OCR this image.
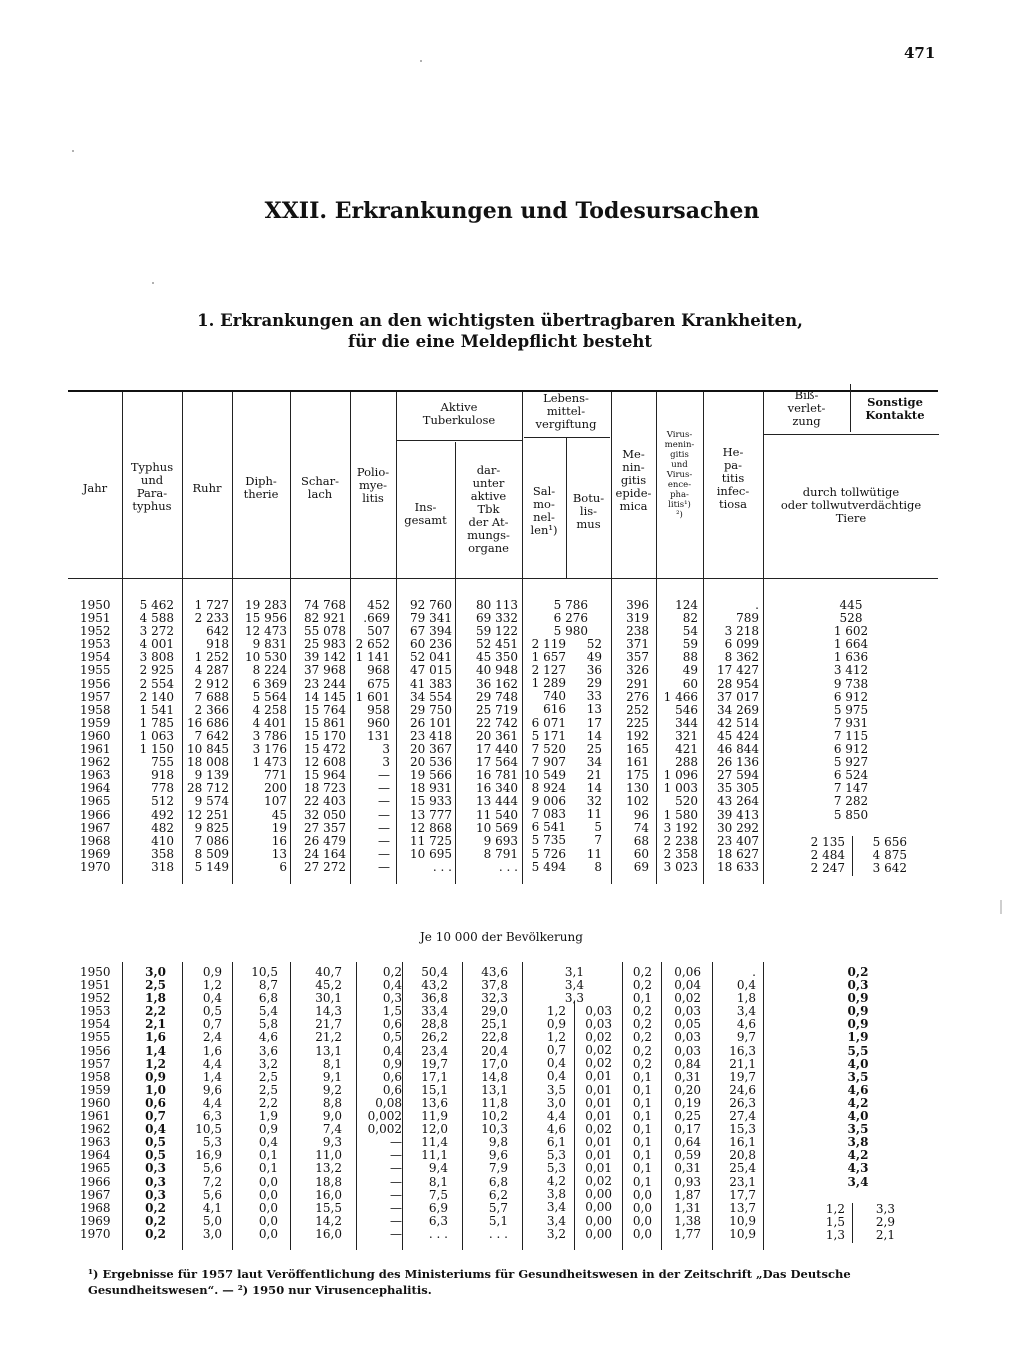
471
XXII. Erkrankungen und Todesursachen
1. Erkrankungen an den wichtigsten übertragbaren Krankheiten,
für die eine Meldepflicht besteht
Jahr
Typhus
und
Para-
typhus
Ruhr	Diph-
therie
Schar-
lach
Polio-
mye-
litis
Aktive
Tuberkulose
Ins-
gesamt
dar-
unter
aktive
Tbk
der At-
mungs-
organe
Lebens-
mittel-
vergiftung
Sal-
mo-
nel-
len¹)
Botu-
lis-
mus
Me-
nin-
gitis
epide-
mica
Virus-
menin-
gitis
und
Virus-
ence-
pha-
litis¹)
²)
He-
pa-
titis
infec-
tiosa
Biß-
verlet-
zung
Sonstige
Kontakte
durch tollwütige
oder tollwutverdächtige
Tiere
1950
1951
1952
1953
1954
1955
1956
1957
1958
1959
1960
1961
1962
1963
1964
1965
1966
1967
1968
1969
1970
5 462
4 588
3 272
4 001
3 808
2 925
2 554
2 140
1 541
1 785
1 063
1 150
755
918
778
512
492
482
410
358
318
1 727
2 233
642
918
1 252
4 287
2 912
7 688
2 366
16 686
7 642
10 845
18 008
9 139
28 712
9 574
12 251
9 825
7 086
8 509
5 149
19 283
15 956
12 473
9 831
10 530
8 224
6 369
5 564
4 258
4 401
3 786
3 176
1 473
771
200
107
45
19
16
13
6
74 768
82 921
55 078
25 983
39 142
37 968
23 244
14 145
15 764
15 861
15 170
15 472
12 608
15 964
18 723
22 403
32 050
27 357
26 479
24 164
27 272
452
.669
507
2 652
1 141
968
675
1 601
958
960
131
3
3
—
—
—
—
—
—
—
—
92 760
79 341
67 394
60 236
52 041
47 015
41 383
34 554
29 750
26 101
23 418
20 367
20 536
19 566
18 931
15 933
13 777
12 868
11 725
10 695
. . .
80 113
69 332
59 122
52 451
45 350
40 948
36 162
29 748
25 719
22 742
20 361
17 440
17 564
16 781
16 340
13 444
11 540
10 569
9 693
8 791
. . .
5 786
6 276
5 980
2 119
1 657
2 127
1 289
740
616
6 071
5 171
7 520
7 907
10 549
8 924
9 006
7 083
6 541
5 735
5 726
5 494
52
49
36
29
33
13
17
14
25
34
21
14
32
11
5
7
11
8
396
319
238
371
357
326
291
276
252
225
192
165
161
175
130
102
96
74
68
60
69
124
82
54
59
88
49
60
1 466
546
344
321
421
288
1 096
1 003
520
1 580
3 192
2 238
2 358
3 023
.
789
3 218
6 099
8 362
17 427
28 954
37 017
34 269
42 514
45 424
46 844
26 136
27 594
35 305
43 264
39 413
30 292
23 407
18 627
18 633
445
528
1 602
1 664
1 636
3 412
9 738
6 912
5 975
7 931
7 115
6 912
5 927
6 524
7 147
7 282
5 850
2 135
2 484
2 247
5 656
4 875
3 642
Je 10 000 der Bevölkerung
1950
1951
1952
1953
1954
1955
1956
1957
1958
1959
1960
1961
1962
1963
1964
1965
1966
1967
1968
1969
1970
3,0
2,5
1,8
2,2
2,1
1,6
1,4
1,2
0,9
1,0
0,6
0,7
0,4
0,5
0,5
0,3
0,3
0,3
0,2
0,2
0,2
0,9
1,2
0,4
0,5
0,7
2,4
1,6
4,4
1,4
9,6
4,4
6,3
10,5
5,3
16,9
5,6
7,2
5,6
4,1
5,0
3,0
10,5
8,7
6,8
5,4
5,8
4,6
3,6
3,2
2,5
2,5
2,2
1,9
0,9
0,4
0,1
0,1
0,0
0,0
0,0
0,0
0,0
40,7
45,2
30,1
14,3
21,7
21,2
13,1
8,1
9,1
9,2
8,8
9,0
7,4
9,3
11,0
13,2
18,8
16,0
15,5
14,2
16,0
0,2
0,4
0,3
1,5
0,6
0,5
0,4
0,9
0,6
0,6
0,08
0,002
0,002
—
—
—
—
—
—
—
—
50,4
43,2
36,8
33,4
28,8
26,2
23,4
19,7
17,1
15,1
13,6
11,9
12,0
11,4
11,1
9,4
8,1
7,5
6,9
6,3
. . .
43,6
37,8
32,3
29,0
25,1
22,8
20,4
17,0
14,8
13,1
11,8
10,2
10,3
9,8
9,6
7,9
6,8
6,2
5,7
5,1
. . .
3,1
3,4
3,3
1,2
0,9
1,2
0,7
0,4
0,4
3,5
3,0
4,4
4,6
6,1
5,3
5,3
4,2
3,8
3,4
3,4
3,2
0,03
0,03
0,02
0,02
0,02
0,01
0,01
0,01
0,01
0,02
0,01
0,01
0,01
0,02
0,00
0,00
0,00
0,00
0,2
0,2
0,1
0,2
0,2
0,2
0,2
0,2
0,1
0,1
0,1
0,1
0,1
0,1
0,1
0,1
0,1
0,0
0,0
0,0
0,0
0,06
0,04
0,02
0,03
0,05
0,03
0,03
0,84
0,31
0,20
0,19
0,25
0,17
0,64
0,59
0,31
0,93
1,87
1,31
1,38
1,77
.
0,4
1,8
3,4
4,6
9,7
16,3
21,1
19,7
24,6
26,3
27,4
15,3
16,1
20,8
25,4
23,1
17,7
13,7
10,9
10,9
0,2
0,3
0,9
0,9
0,9
1,9
5,5
4,0
3,5
4,6
4,2
4,0
3,5
3,8
4,2
4,3
3,4
1,2
1,5
1,3
3,3
2,9
2,1
¹) Ergebnisse für 1957 laut Veröffentlichung des Ministeriums für Gesundheitswesen in der Zeitschrift „Das Deutsche Gesundheitswesen“. — ²) 1950 nur Virusencephalitis.
